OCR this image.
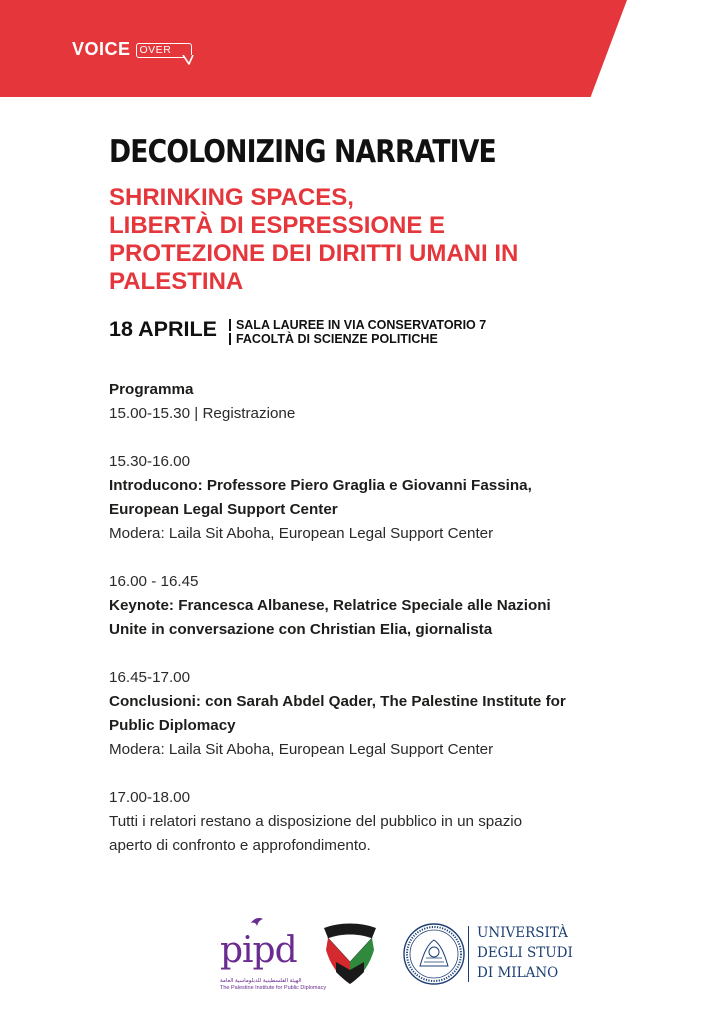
VOICE OVER
DECOLONIZING NARRATIVE
SHRINKING SPACES,
LIBERTÀ DI ESPRESSIONE E
PROTEZIONE DEI DIRITTI UMANI IN
PALESTINA
18 APRILE SALA LAUREE IN VIA CONSERVATORIO 7
FACOLTÀ DI SCIENZE POLITICHE
Programma
15.00-15.30 | Registrazione
15.30-16.00
Introducono: Professore Piero Graglia e Giovanni Fassina,
European Legal Support Center
Modera: Laila Sit Aboha, European Legal Support Center
16.00 - 16.45
Keynote: Francesca Albanese, Relatrice Speciale alle Nazioni
Unite in conversazione con Christian Elia, giornalista
16.45-17.00
Conclusioni: con Sarah Abdel Qader, The Palestine Institute for
Public Diplomacy
Modera: Laila Sit Aboha, European Legal Support Center
17.00-18.00
Tutti i relatori restano a disposizione del pubblico in un spazio
aperto di confronto e approfondimento.
pipd
الهيئة الفلسطينية للدبلوماسية العامة
The Palestine Institute for Public Diplomacy
UNIVERSITÀ
DEGLI STUDI
DI MILANO
